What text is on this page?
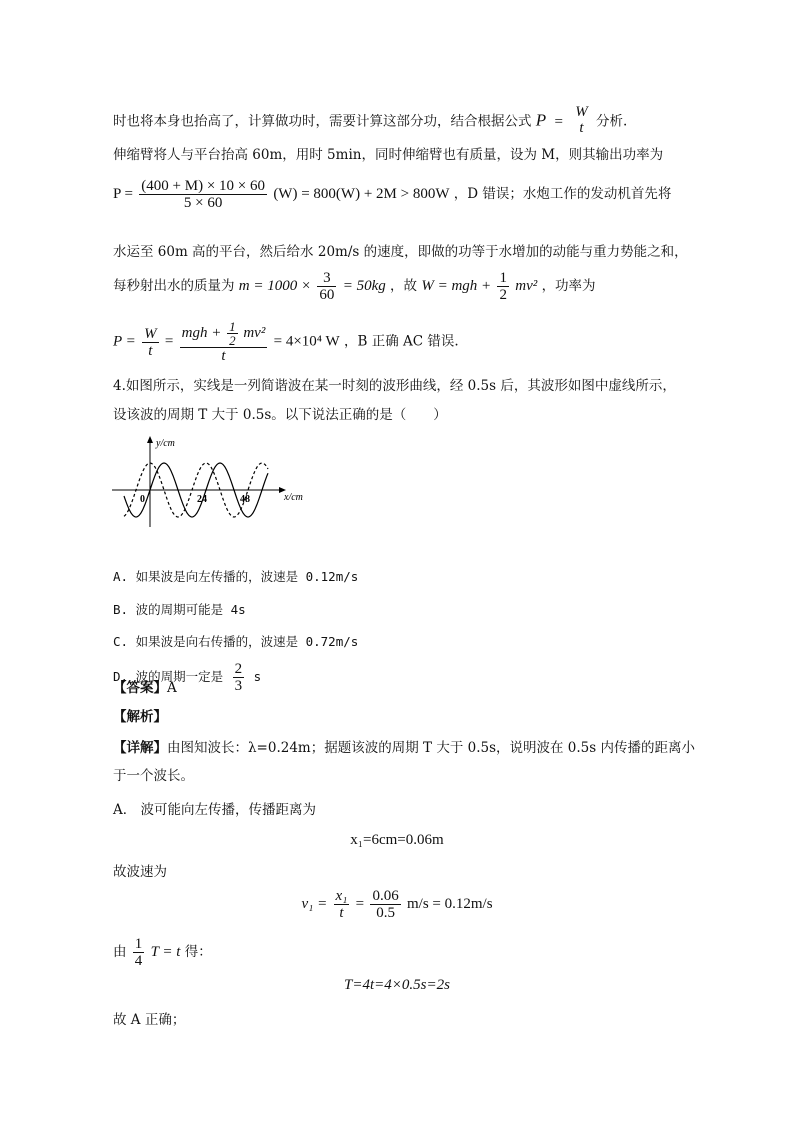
时也将本身也抬高了，计算做功时，需要计算这部分功，结合根据公式 P =
W
t 分析.
伸缩臂将人与平台抬高 60m，用时 5min，同时伸缩臂也有质量，设为 M，则其输出功率为
$P = \frac{(400 + M) \times 10 \times 60}{5 \times 60} (W) = 800(W) + 2M > 800W$ ，D 错误；水炮工作的发动机首先将
水运至 60m 高的平台，然后给水 20m/s 的速度，即做的功等于水增加的动能与重力势能之和，
每秒射出水的质量为 $m = 1000 \times \frac{3}{60} = 50kg$ ，故 W = mgh + $\frac{1}{2} mv^2$ ，功率为
$P = \frac{W}{t} = \frac{mgh + \frac{1}{2} mv^2}{t} = 4\times 10^4$ W ，B 正确 AC 错误.
4.如图所示，实线是一列简谐波在某一时刻的波形曲线，经 0.5s 后，其波形如图中虚线所示，
设该波的周期 T 大于 0.5s。以下说法正确的是（　　）
y/cm
x/cm
0	24	48
A. 如果波是向左传播的，波速是 0.12m/s
B. 波的周期可能是 4s
C. 如果波是向右传播的，波速是 0.72m/s
D. 波的周期一定是 $\frac{2}{3}$ s
【答案】A
【解析】
【详解】由图知波长：λ=0.24m；据题该波的周期 T 大于 0.5s，说明波在 0.5s 内传播的距离小
于一个波长。
A． 波可能向左传播，传播距离为
x₁=6cm=0.06m
故波速为
$v_1 = \frac{\text{x₁}}{t} = \frac{0.06}{0.5} m/s = 0.12m/s$
由 $\frac{1}{4}$ T = t 得：
T=4t=4×0.5s=2s
故 A 正确；
